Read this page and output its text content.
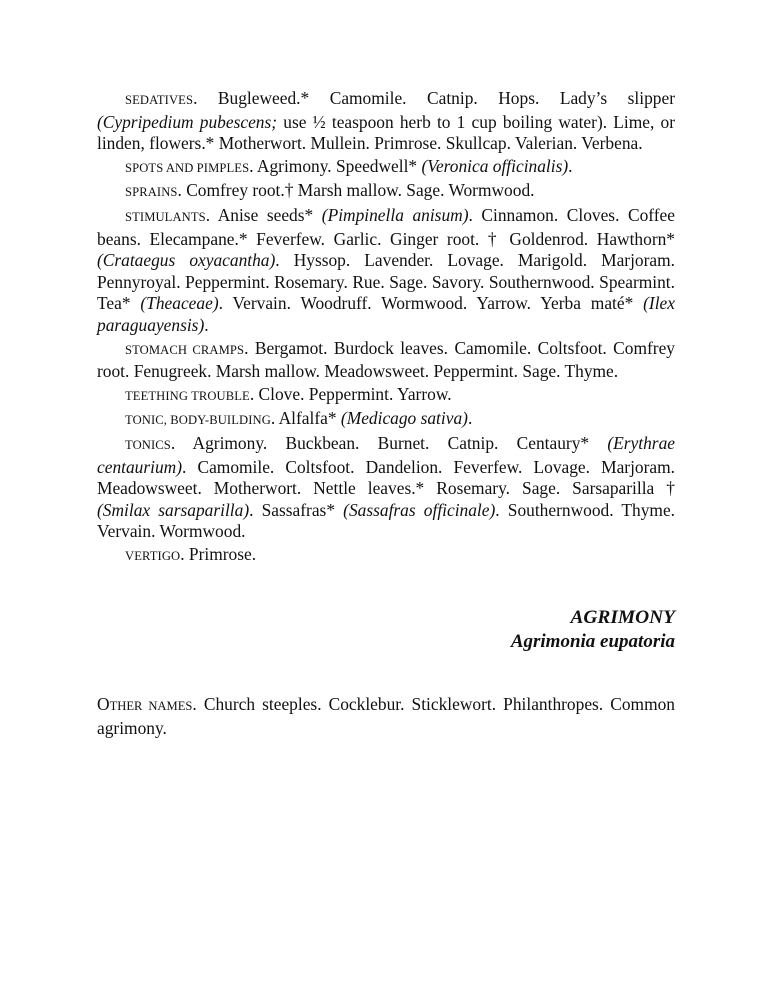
SEDATIVES. Bugleweed.* Camomile. Catnip. Hops. Lady’s slipper (Cypripedium pubescens; use ½ teaspoon herb to 1 cup boiling water). Lime, or linden, flowers.* Motherwort. Mullein. Primrose. Skullcap. Valerian. Verbena.

SPOTS AND PIMPLES. Agrimony. Speedwell* (Veronica officinalis).

SPRAINS. Comfrey root.† Marsh mallow. Sage. Wormwood.

STIMULANTS. Anise seeds* (Pimpinella anisum). Cinnamon. Cloves. Coffee beans. Elecampane.* Feverfew. Garlic. Ginger root. † Goldenrod. Hawthorn* (Crataegus oxyacantha). Hyssop. Lavender. Lovage. Marigold. Marjoram. Pennyroyal. Peppermint. Rosemary. Rue. Sage. Savory. Southernwood. Spearmint. Tea* (Theaceae). Vervain. Woodruff. Wormwood. Yarrow. Yerba maté* (Ilex paraguayensis).

STOMACH CRAMPS. Bergamot. Burdock leaves. Camomile. Coltsfoot. Comfrey root. Fenugreek. Marsh mallow. Meadowsweet. Peppermint. Sage. Thyme.

TEETHING TROUBLE. Clove. Peppermint. Yarrow.

TONIC, BODY-BUILDING. Alfalfa* (Medicago sativa).

TONICS. Agrimony. Buckbean. Burnet. Catnip. Centaury* (Erythrae centaurium). Camomile. Coltsfoot. Dandelion. Feverfew. Lovage. Marjoram. Meadowsweet. Motherwort. Nettle leaves.* Rosemary. Sage. Sarsaparilla † (Smilax sarsaparilla). Sassafras* (Sassafras officinale). Southernwood. Thyme. Vervain. Wormwood.

VERTIGO. Primrose.

AGRIMONY
Agrimonia eupatoria

OTHER NAMES. Church steeples. Cocklebur. Sticklewort. Philanthropes. Common agrimony.
